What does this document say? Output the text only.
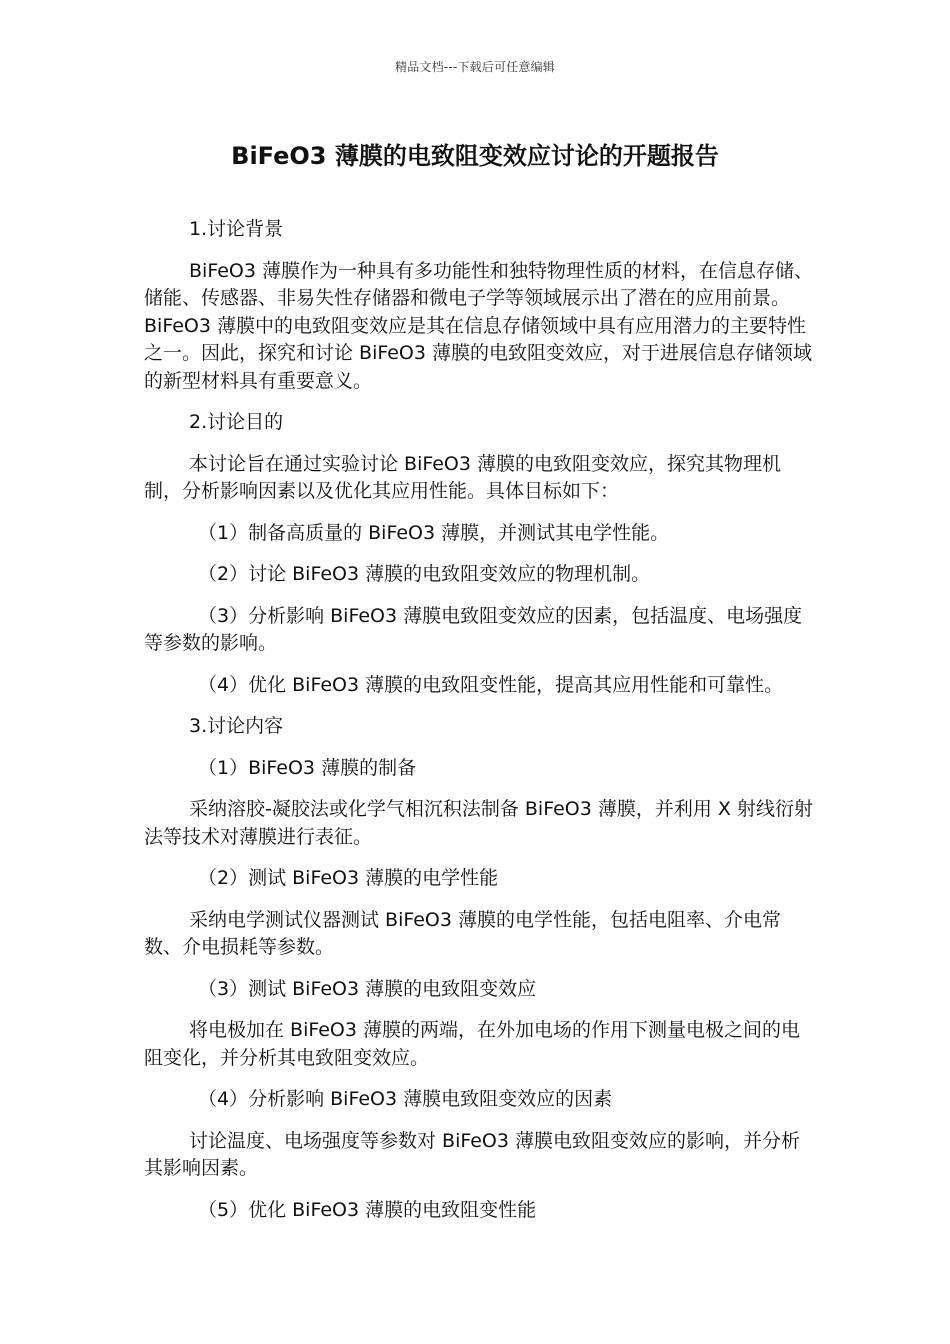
精品文档---下载后可任意编辑
BiFeO3 薄膜的电致阻变效应讨论的开题报告

1.讨论背景

BiFeO3 薄膜作为一种具有多功能性和独特物理性质的材料，在信息存储、储能、传感器、非易失性存储器和微电子学等领域展示出了潜在的应用前景。 BiFeO3 薄膜中的电致阻变效应是其在信息存储领域中具有应用潜力的主要特性之一。因此，探究和讨论 BiFeO3 薄膜的电致阻变效应，对于进展信息存储领域的新型材料具有重要意义。

2.讨论目的

本讨论旨在通过实验讨论 BiFeO3 薄膜的电致阻变效应，探究其物理机制，分析影响因素以及优化其应用性能。具体目标如下：

（1）制备高质量的 BiFeO3 薄膜，并测试其电学性能。

（2）讨论 BiFeO3 薄膜的电致阻变效应的物理机制。

（3）分析影响 BiFeO3 薄膜电致阻变效应的因素，包括温度、电场强度等参数的影响。

（4）优化 BiFeO3 薄膜的电致阻变性能，提高其应用性能和可靠性。

3.讨论内容

（1）BiFeO3 薄膜的制备

采纳溶胶-凝胶法或化学气相沉积法制备 BiFeO3 薄膜，并利用 X 射线衍射法等技术对薄膜进行表征。

（2）测试 BiFeO3 薄膜的电学性能

采纳电学测试仪器测试 BiFeO3 薄膜的电学性能，包括电阻率、介电常数、介电损耗等参数。

（3）测试 BiFeO3 薄膜的电致阻变效应

将电极加在 BiFeO3 薄膜的两端，在外加电场的作用下测量电极之间的电阻变化，并分析其电致阻变效应。

（4）分析影响 BiFeO3 薄膜电致阻变效应的因素

讨论温度、电场强度等参数对 BiFeO3 薄膜电致阻变效应的影响，并分析其影响因素。

（5）优化 BiFeO3 薄膜的电致阻变性能
